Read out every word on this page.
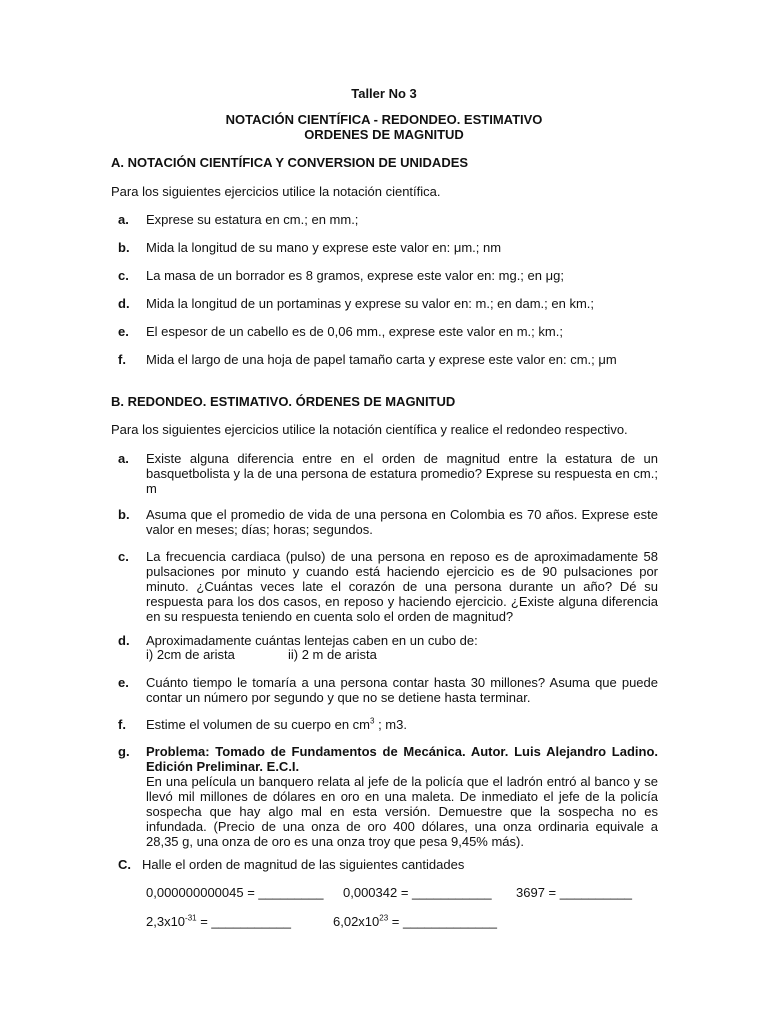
Taller No 3
NOTACIÓN CIENTÍFICA - REDONDEO. ESTIMATIVO
ORDENES DE MAGNITUD
A. NOTACIÓN CIENTÍFICA Y CONVERSION DE UNIDADES
Para los siguientes ejercicios utilice la notación científica.
a. Exprese su estatura en cm.; en mm.;
b. Mida la longitud de su mano y exprese este valor en: μm.; nm
c. La masa de un borrador es 8 gramos, exprese este valor en: mg.; en μg;
d. Mida la longitud de un portaminas y exprese su valor en: m.; en dam.; en km.;
e. El espesor de un cabello es de 0,06 mm., exprese este valor en m.; km.;
f. Mida el largo de una hoja de papel tamaño carta y exprese este valor en: cm.; μm
B. REDONDEO. ESTIMATIVO. ÓRDENES DE MAGNITUD
Para los siguientes ejercicios utilice la notación científica y realice el redondeo respectivo.
a. Existe alguna diferencia entre en el orden de magnitud entre la estatura de un
basquetbolista y la de una persona de estatura promedio? Exprese su respuesta en cm.;
m
b. Asuma que el promedio de vida de una persona en Colombia es 70 años. Exprese este
valor en meses; días; horas; segundos.
c. La frecuencia cardiaca (pulso) de una persona en reposo es de aproximadamente 58
pulsaciones por minuto y cuando está haciendo ejercicio es de 90 pulsaciones por
minuto. ¿Cuántas veces late el corazón de una persona durante un año? Dé su
respuesta para los dos casos, en reposo y haciendo ejercicio. ¿Existe alguna diferencia
en su respuesta teniendo en cuenta solo el orden de magnitud?
d. Aproximadamente cuántas lentejas caben en un cubo de:
i) 2cm de arista	ii) 2 m de arista
e. Cuánto tiempo le tomaría a una persona contar hasta 30 millones? Asuma que puede
contar un número por segundo y que no se detiene hasta terminar.
f. Estime el volumen de su cuerpo en $cm^3$ ; m3.
g. Problema: Tomado de Fundamentos de Mecánica. Autor. Luis Alejandro Ladino.
Edición Preliminar. E.C.I.
En una película un banquero relata al jefe de la policía que el ladrón entró al banco y se
llevó mil millones de dólares en oro en una maleta. De inmediato el jefe de la policía
sospecha que hay algo mal en esta versión. Demuestre que la sospecha no es
infundada. (Precio de una onza de oro 400 dólares, una onza ordinaria equivale a
28,35 g, una onza de oro es una onza troy que pesa 9,45% más).
C. Halle el orden de magnitud de las siguientes cantidades
0,000000000045 = _________ 0,000342 = ___________ 3697 = __________
$2,3x10^{-31}$ = ___________	$6,02x10^{23}$ = _____________
